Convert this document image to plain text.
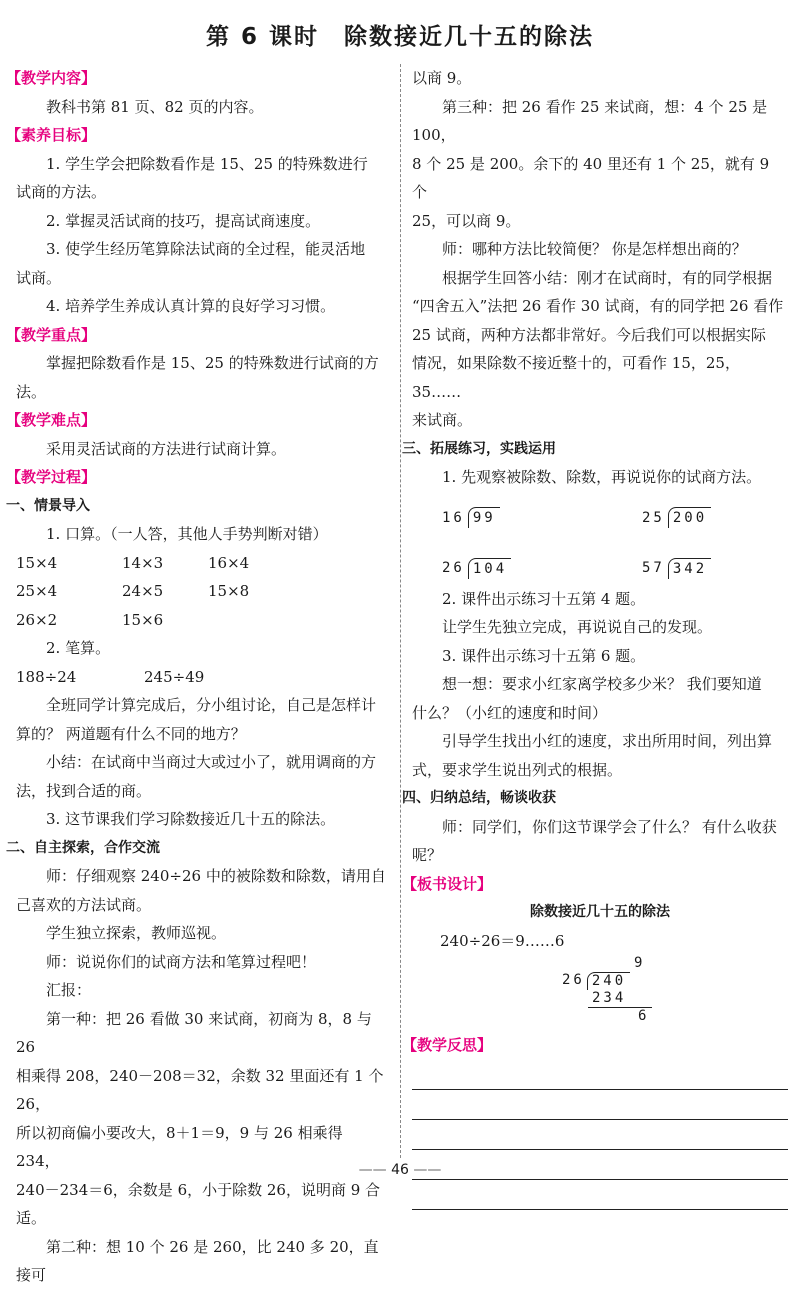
第 6 课时　除数接近几十五的除法
【教学内容】
教科书第 81 页、82 页的内容。
【素养目标】
1. 学生学会把除数看作是 15、25 的特殊数进行
试商的方法。
2. 掌握灵活试商的技巧，提高试商速度。
3. 使学生经历笔算除法试商的全过程，能灵活地
试商。
4. 培养学生养成认真计算的良好学习习惯。
【教学重点】
掌握把除数看作是 15、25 的特殊数进行试商的方
法。
【教学难点】
采用灵活试商的方法进行试商计算。
【教学过程】
一、情景导入
1. 口算。（一人答，其他人手势判断对错）
15×4	14×3	16×4
25×4	24×5	15×8
26×2	15×6
2. 笔算。
188÷24	245÷49
全班同学计算完成后，分小组讨论，自己是怎样计
算的？ 两道题有什么不同的地方？
小结：在试商中当商过大或过小了，就用调商的方
法，找到合适的商。
3. 这节课我们学习除数接近几十五的除法。
二、自主探索，合作交流
师：仔细观察 240÷26 中的被除数和除数，请用自
己喜欢的方法试商。
学生独立探索，教师巡视。
师：说说你们的试商方法和笔算过程吧！
汇报：
第一种：把 26 看做 30 来试商，初商为 8，8 与 26
相乘得 208，240－208＝32，余数 32 里面还有 1 个 26，
所以初商偏小要改大，8＋1＝9，9 与 26 相乘得 234，
240－234＝6，余数是 6，小于除数 26，说明商 9 合适。
第二种：想 10 个 26 是 260，比 240 多 20，直接可
以商 9。
第三种：把 26 看作 25 来试商，想：4 个 25 是 100，
8 个 25 是 200。余下的 40 里还有 1 个 25，就有 9 个
25，可以商 9。
师：哪种方法比较简便？ 你是怎样想出商的？
根据学生回答小结：刚才在试商时，有的同学根据
“四舍五入”法把 26 看作 30 试商，有的同学把 26 看作
25 试商，两种方法都非常好。今后我们可以根据实际
情况，如果除数不接近整十的，可看作 15，25，35……
来试商。
三、拓展练习，实践运用
1. 先观察被除数、除数，再说说你的试商方法。
16 99	25 200
26 104	57 342
2. 课件出示练习十五第 4 题。
让学生先独立完成，再说说自己的发现。
3. 课件出示练习十五第 6 题。
想一想：要求小红家离学校多少米？ 我们要知道
什么？（小红的速度和时间）
引导学生找出小红的速度，求出所用时间，列出算
式，要求学生说出列式的根据。
四、归纳总结，畅谈收获
师：同学们，你们这节课学会了什么？ 有什么收获
呢？
【板书设计】
除数接近几十五的除法
240÷26＝9……6
9
26 240
234
6
【教学反思】
—— 46 ——
